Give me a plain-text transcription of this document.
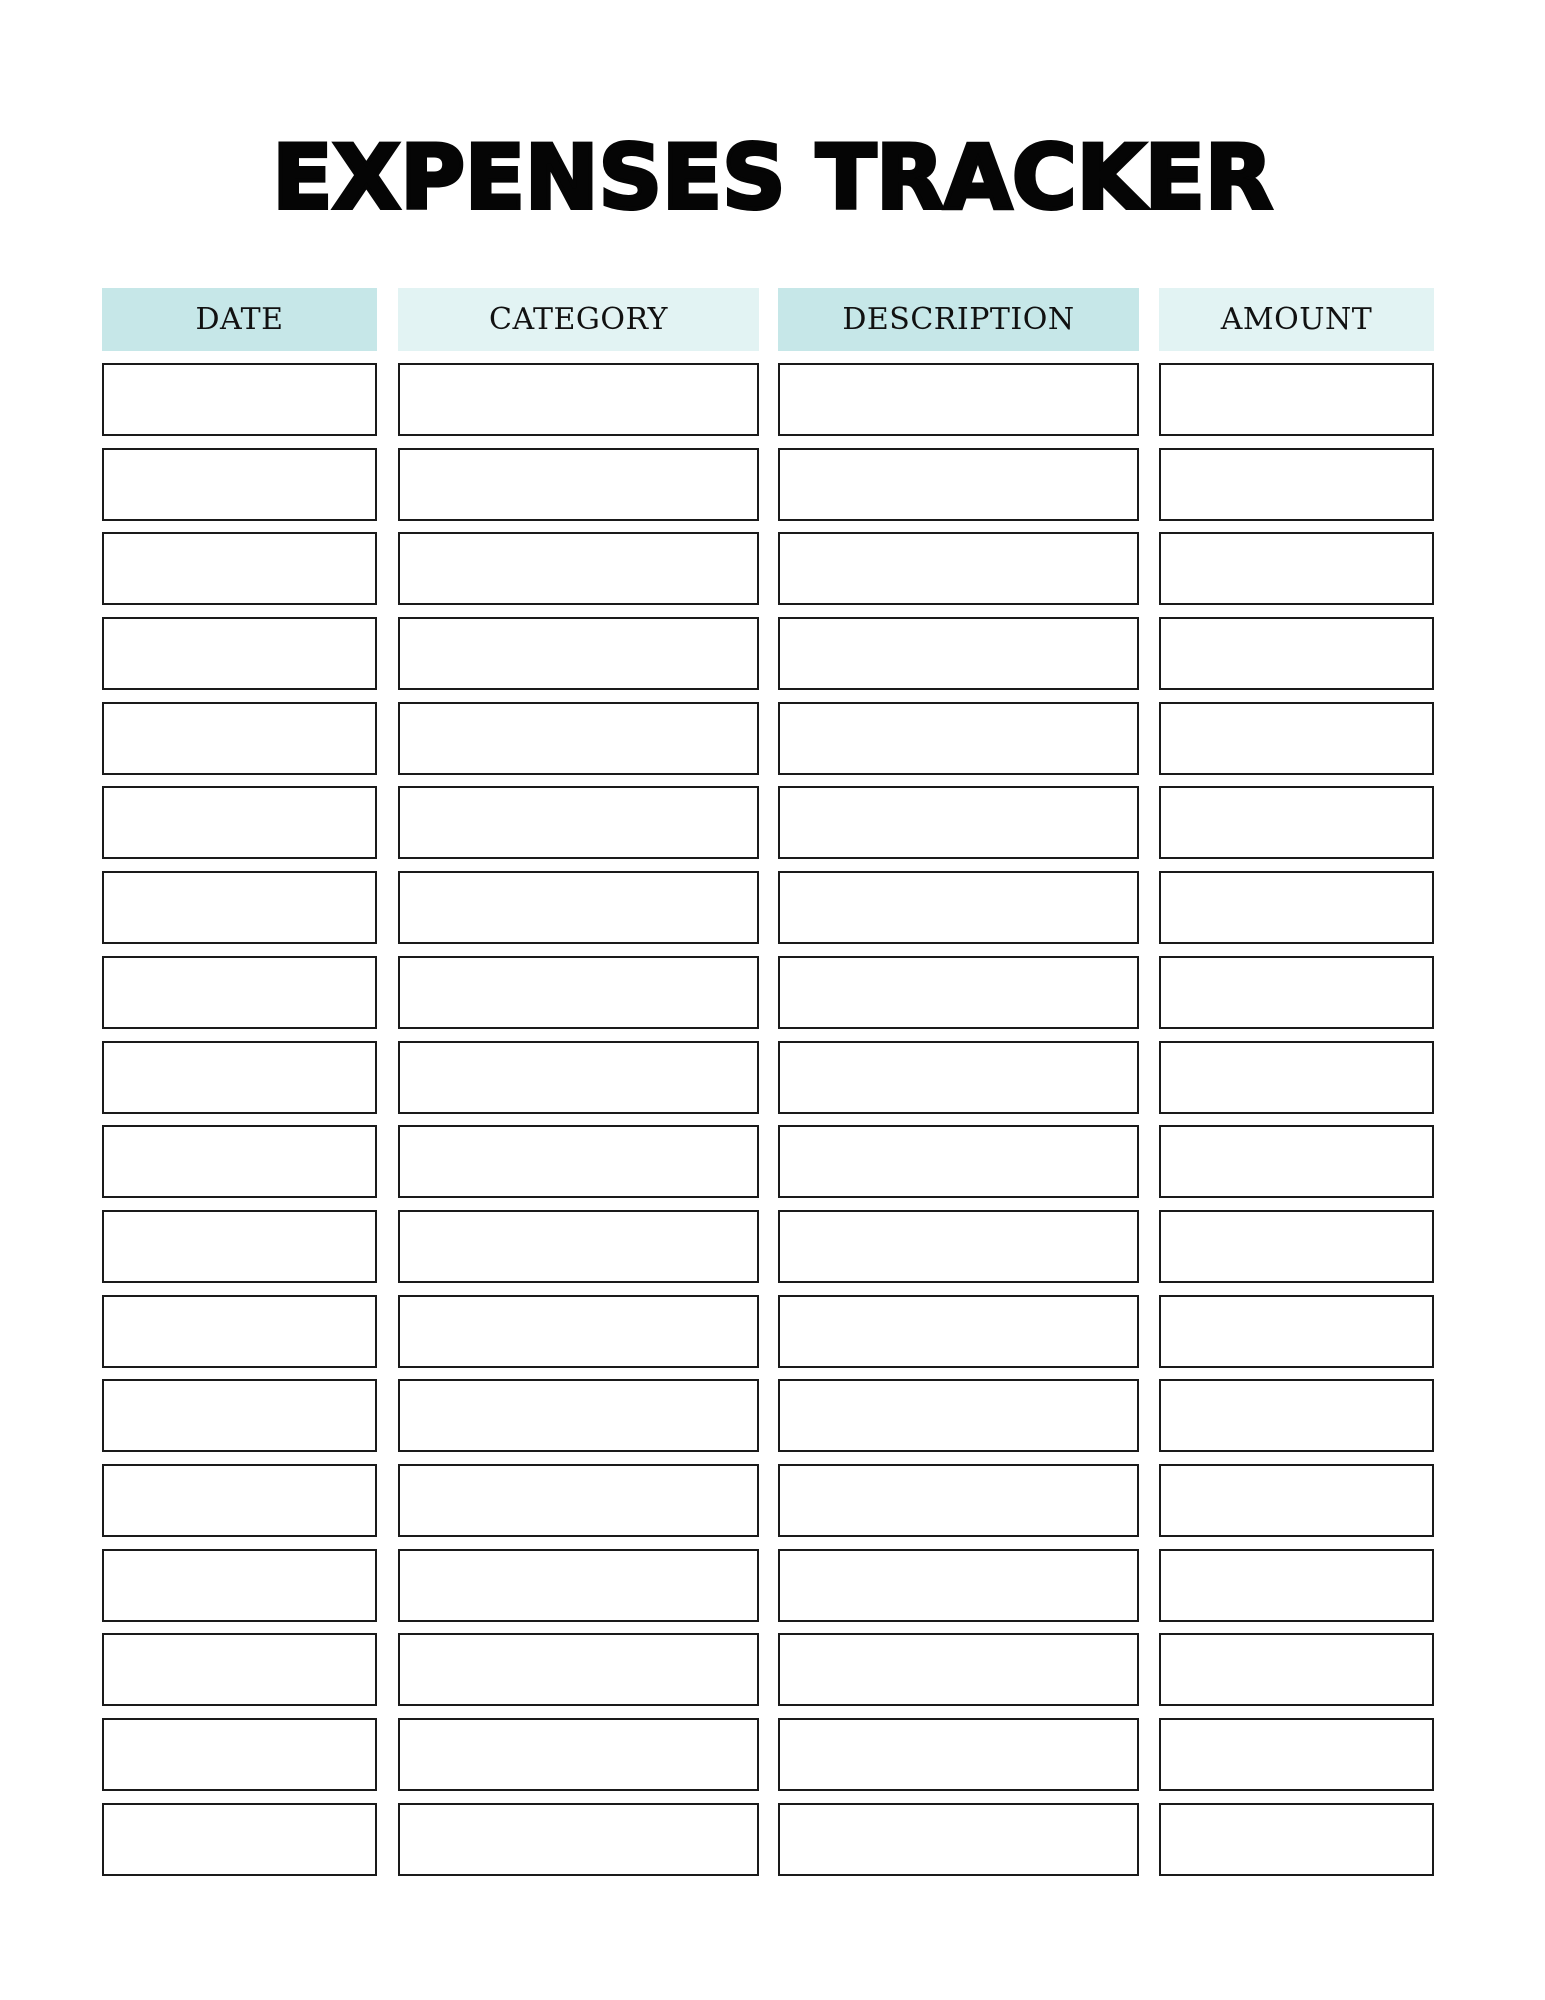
EXPENSES TRACKER
DATE	CATEGORY	DESCRIPTION	AMOUNT
